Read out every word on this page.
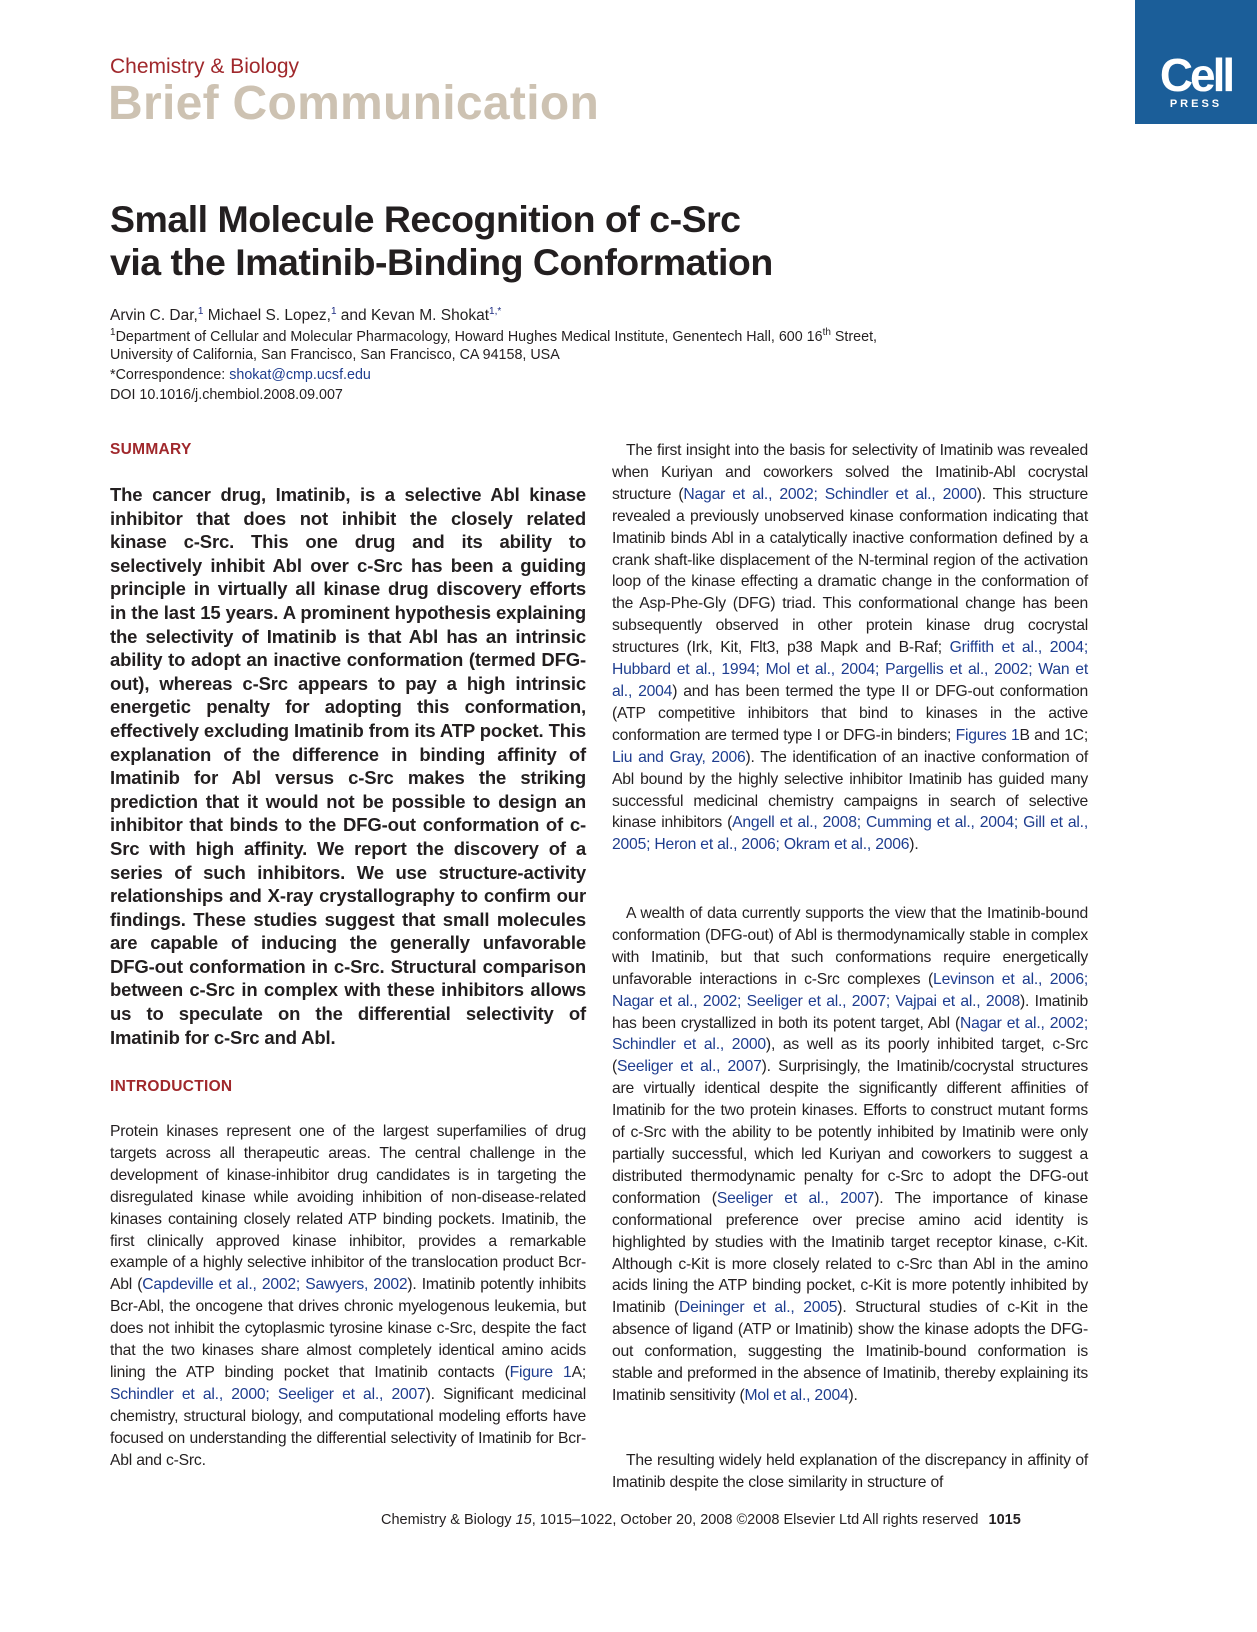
Chemistry & Biology
Brief Communication
Cell
PRESS
Small Molecule Recognition of c-Src
via the Imatinib-Binding Conformation
Arvin C. Dar,$^1$ Michael S. Lopez,$^1$ and Kevan M. Shokat$^{1,*}$
$^1$Department of Cellular and Molecular Pharmacology, Howard Hughes Medical Institute, Genentech Hall, 600 16th Street,
University of California, San Francisco, San Francisco, CA 94158, USA
*Correspondence: shokat@cmp.ucsf.edu
DOI 10.1016/j.chembiol.2008.09.007
SUMMARY

The cancer drug, Imatinib, is a selective Abl kinase inhibitor that does not inhibit the closely related kinase c-Src. This one drug and its ability to selectively inhibit Abl over c-Src has been a guiding principle in virtually all kinase drug discovery efforts in the last 15 years. A prominent hypothesis explaining the selectivity of Imatinib is that Abl has an intrinsic ability to adopt an inactive conformation (termed DFG-out), whereas c-Src appears to pay a high intrinsic energetic penalty for adopting this conformation, effectively excluding Imatinib from its ATP pocket. This explanation of the difference in binding affinity of Imatinib for Abl versus c-Src makes the striking prediction that it would not be possible to design an inhibitor that binds to the DFG-out conformation of c-Src with high affinity. We report the discovery of a series of such inhibitors. We use structure-activity relationships and X-ray crystallography to confirm our findings. These studies suggest that small molecules are capable of inducing the generally unfavorable DFG-out conformation in c-Src. Structural comparison between c-Src in complex with these inhibitors allows us to speculate on the differential selectivity of Imatinib for c-Src and Abl.

INTRODUCTION

Protein kinases represent one of the largest superfamilies of drug targets across all therapeutic areas. The central challenge in the development of kinase-inhibitor drug candidates is in targeting the disregulated kinase while avoiding inhibition of non-disease-related kinases containing closely related ATP binding pockets. Imatinib, the first clinically approved kinase inhibitor, provides a remarkable example of a highly selective inhibitor of the translocation product Bcr-Abl (Capdeville et al., 2002; Sawyers, 2002). Imatinib potently inhibits Bcr-Abl, the oncogene that drives chronic myelogenous leukemia, but does not inhibit the cytoplasmic tyrosine kinase c-Src, despite the fact that the two kinases share almost completely identical amino acids lining the ATP binding pocket that Imatinib contacts (Figure 1A; Schindler et al., 2000; Seeliger et al., 2007). Significant medicinal chemistry, structural biology, and computational modeling efforts have focused on understanding the differential selectivity of Imatinib for Bcr-Abl and c-Src.

The first insight into the basis for selectivity of Imatinib was revealed when Kuriyan and coworkers solved the Imatinib-Abl cocrystal structure (Nagar et al., 2002; Schindler et al., 2000). This structure revealed a previously unobserved kinase conformation indicating that Imatinib binds Abl in a catalytically inactive conformation defined by a crank shaft-like displacement of the N-terminal region of the activation loop of the kinase effecting a dramatic change in the conformation of the Asp-Phe-Gly (DFG) triad. This conformational change has been subsequently observed in other protein kinase drug cocrystal structures (Irk, Kit, Flt3, p38 Mapk and B-Raf; Griffith et al., 2004; Hubbard et al., 1994; Mol et al., 2004; Pargellis et al., 2002; Wan et al., 2004) and has been termed the type II or DFG-out conformation (ATP competitive inhibitors that bind to kinases in the active conformation are termed type I or DFG-in binders; Figures 1B and 1C; Liu and Gray, 2006). The identification of an inactive conformation of Abl bound by the highly selective inhibitor Imatinib has guided many successful medicinal chemistry campaigns in search of selective kinase inhibitors (Angell et al., 2008; Cumming et al., 2004; Gill et al., 2005; Heron et al., 2006; Okram et al., 2006).

A wealth of data currently supports the view that the Imatinib-bound conformation (DFG-out) of Abl is thermodynamically stable in complex with Imatinib, but that such conformations require energetically unfavorable interactions in c-Src complexes (Levinson et al., 2006; Nagar et al., 2002; Seeliger et al., 2007; Vajpai et al., 2008). Imatinib has been crystallized in both its potent target, Abl (Nagar et al., 2002; Schindler et al., 2000), as well as its poorly inhibited target, c-Src (Seeliger et al., 2007). Surprisingly, the Imatinib/cocrystal structures are virtually identical despite the significantly different affinities of Imatinib for the two protein kinases. Efforts to construct mutant forms of c-Src with the ability to be potently inhibited by Imatinib were only partially successful, which led Kuriyan and coworkers to suggest a distributed thermodynamic penalty for c-Src to adopt the DFG-out conformation (Seeliger et al., 2007). The importance of kinase conformational preference over precise amino acid identity is highlighted by studies with the Imatinib target receptor kinase, c-Kit. Although c-Kit is more closely related to c-Src than Abl in the amino acids lining the ATP binding pocket, c-Kit is more potently inhibited by Imatinib (Deininger et al., 2005). Structural studies of c-Kit in the absence of ligand (ATP or Imatinib) show the kinase adopts the DFG-out conformation, suggesting the Imatinib-bound conformation is stable and preformed in the absence of Imatinib, thereby explaining its Imatinib sensitivity (Mol et al., 2004).

The resulting widely held explanation of the discrepancy in affinity of Imatinib despite the close similarity in structure of

Chemistry & Biology 15, 1015–1022, October 20, 2008 ©2008 Elsevier Ltd All rights reserved 1015
